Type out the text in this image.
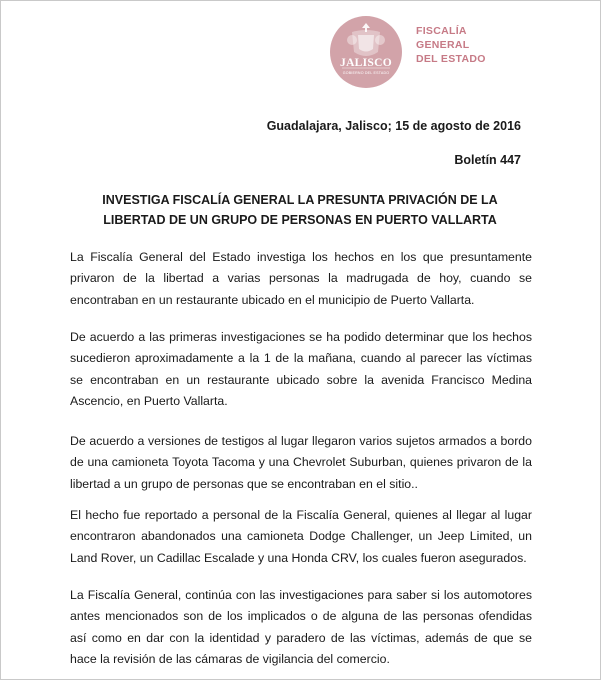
JALISCO
GOBIERNO DEL ESTADO
FISCALÍA
GENERAL
DEL ESTADO
Guadalajara, Jalisco; 15 de agosto de 2016
Boletín 447
INVESTIGA FISCALÍA GENERAL LA PRESUNTA PRIVACIÓN DE LA LIBERTAD DE UN GRUPO DE PERSONAS EN PUERTO VALLARTA
La Fiscalía General del Estado investiga los hechos en los que presuntamente privaron de la libertad a varias personas la madrugada de hoy, cuando se encontraban en un restaurante ubicado en el municipio de Puerto Vallarta.
De acuerdo a las primeras investigaciones se ha podido determinar que los hechos sucedieron aproximadamente a la 1 de la mañana, cuando al parecer las víctimas se encontraban en un restaurante ubicado sobre la avenida Francisco Medina Ascencio, en Puerto Vallarta.
De acuerdo a versiones de testigos al lugar llegaron varios sujetos armados a bordo de una camioneta Toyota Tacoma y una Chevrolet Suburban, quienes privaron de la libertad a un grupo de personas que se encontraban en el sitio..
El hecho fue reportado a personal de la Fiscalía General, quienes al llegar al lugar encontraron abandonados una camioneta Dodge Challenger, un Jeep Limited, un Land Rover, un Cadillac Escalade y una Honda CRV, los cuales fueron asegurados.
La Fiscalía General, continúa con las investigaciones para saber si los automotores antes mencionados son de los implicados o de alguna de las personas ofendidas así como en dar con la identidad y paradero de las víctimas, además de que se hace la revisión de las cámaras de vigilancia del comercio.
